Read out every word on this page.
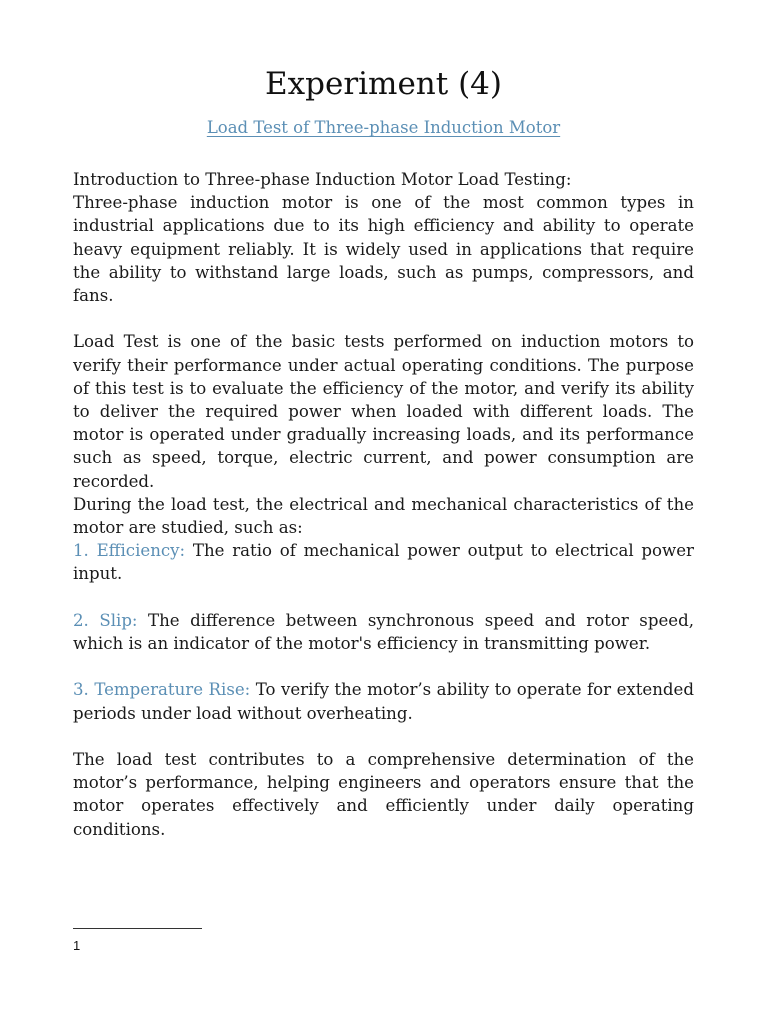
Experiment (4)

Load Test of Three-phase Induction Motor

Introduction to Three-phase Induction Motor Load Testing:

Three-phase induction motor is one of the most common types in industrial applications due to its high efficiency and ability to operate heavy equipment reliably. It is widely used in applications that require the ability to withstand large loads, such as pumps, compressors, and fans.

Load Test is one of the basic tests performed on induction motors to verify their performance under actual operating conditions. The purpose of this test is to evaluate the efficiency of the motor, and verify its ability to deliver the required power when loaded with different loads. The motor is operated under gradually increasing loads, and its performance such as speed, torque, electric current, and power consumption are recorded.

During the load test, the electrical and mechanical characteristics of the motor are studied, such as:

1. Efficiency: The ratio of mechanical power output to electrical power input.

2. Slip: The difference between synchronous speed and rotor speed, which is an indicator of the motor's efficiency in transmitting power.

3. Temperature Rise: To verify the motor’s ability to operate for extended periods under load without overheating.

The load test contributes to a comprehensive determination of the motor’s performance, helping engineers and operators ensure that the motor operates effectively and efficiently under daily operating conditions.

1
